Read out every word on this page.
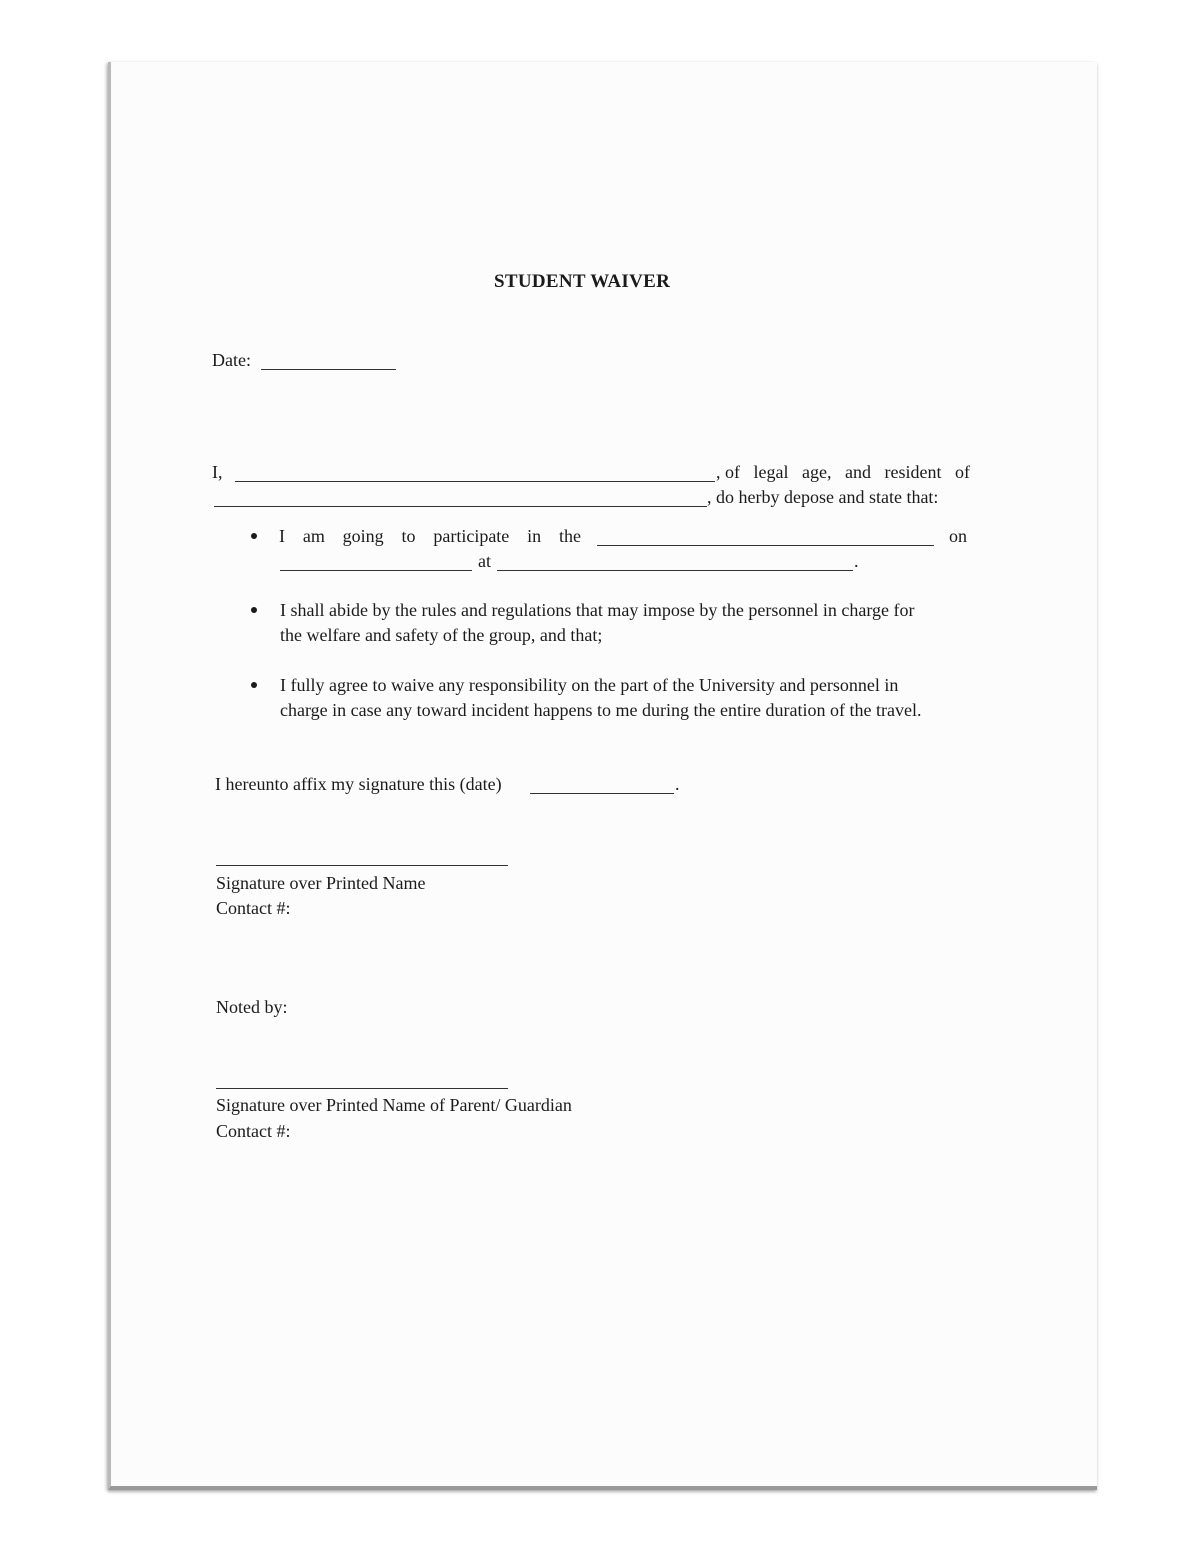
STUDENT WAIVER
Date:
I,	, of legal age, and resident of
, do herby depose and state that:
I am going to participate in the	on
at	.
I shall abide by the rules and regulations that may impose by the personnel in charge for
the welfare and safety of the group, and that;
I fully agree to waive any responsibility on the part of the University and personnel in
charge in case any toward incident happens to me during the entire duration of the travel.
I hereunto affix my signature this (date)	.
Signature over Printed Name
Contact #:
Noted by:
Signature over Printed Name of Parent/ Guardian
Contact #:
